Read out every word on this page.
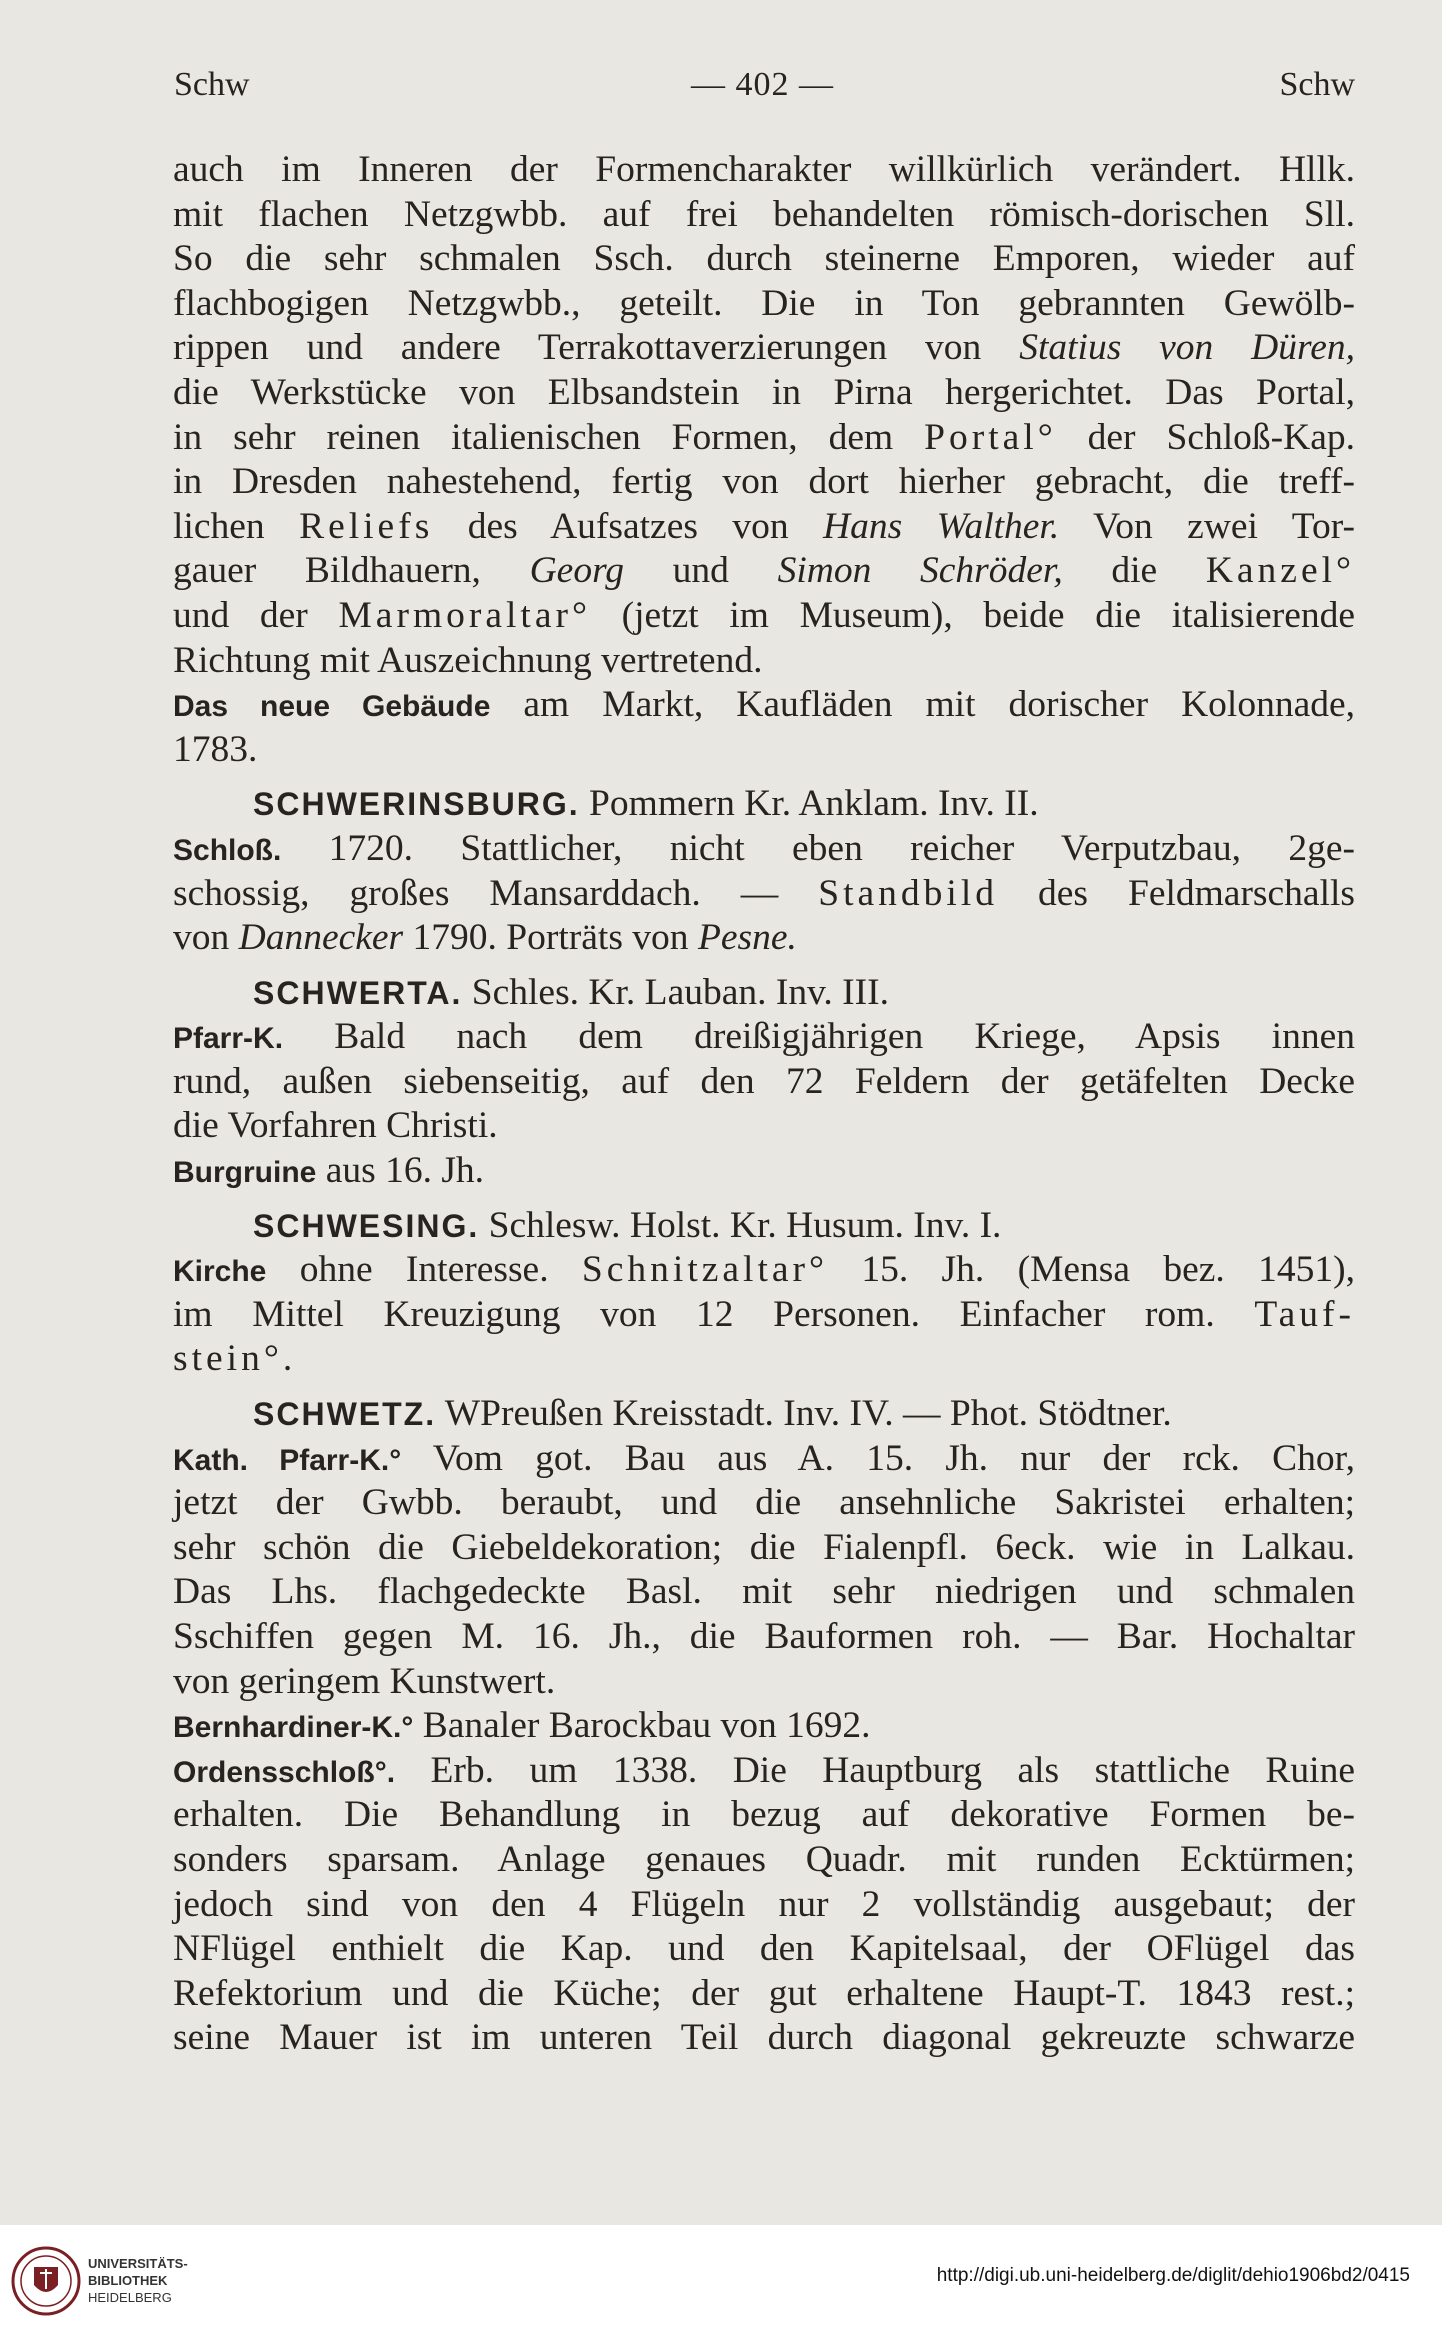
Schw	— 402 —	Schw
auch im Inneren der Formencharakter willkürlich verändert. Hllk.
mit flachen Netzgwbb. auf frei behandelten römisch-dorischen Sll.
So die sehr schmalen Ssch. durch steinerne Emporen, wieder auf
flachbogigen Netzgwbb., geteilt. Die in Ton gebrannten Gewölb-
rippen und andere Terrakottaverzierungen von Statius von Düren,
die Werkstücke von Elbsandstein in Pirna hergerichtet. Das Portal,
in sehr reinen italienischen Formen, dem Portal° der Schloß-Kap.
in Dresden nahestehend, fertig von dort hierher gebracht, die treff-
lichen Reliefs des Aufsatzes von Hans Walther. Von zwei Tor-
gauer Bildhauern, Georg und Simon Schröder, die Kanzel°
und der Marmoraltar° (jetzt im Museum), beide die italisierende
Richtung mit Auszeichnung vertretend.
Das neue Gebäude am Markt, Kaufläden mit dorischer Kolonnade,
1783.
SCHWERINSBURG. Pommern Kr. Anklam. Inv. II.
Schloß. 1720. Stattlicher, nicht eben reicher Verputzbau, 2ge-
schossig, großes Mansarddach. — Standbild des Feldmarschalls
von Dannecker 1790. Porträts von Pesne.
SCHWERTA. Schles. Kr. Lauban. Inv. III.
Pfarr-K. Bald nach dem dreißigjährigen Kriege, Apsis innen
rund, außen siebenseitig, auf den 72 Feldern der getäfelten Decke
die Vorfahren Christi.
Burgruine aus 16. Jh.
SCHWESING. Schlesw. Holst. Kr. Husum. Inv. I.
Kirche ohne Interesse. Schnitzaltar° 15. Jh. (Mensa bez. 1451),
im Mittel Kreuzigung von 12 Personen. Einfacher rom. Tauf-
stein°.
SCHWETZ. WPreußen Kreisstadt. Inv. IV. — Phot. Stödtner.
Kath. Pfarr-K.° Vom got. Bau aus A. 15. Jh. nur der rck. Chor,
jetzt der Gwbb. beraubt, und die ansehnliche Sakristei erhalten;
sehr schön die Giebeldekoration; die Fialenpfl. 6eck. wie in Lalkau.
Das Lhs. flachgedeckte Basl. mit sehr niedrigen und schmalen
Sschiffen gegen M. 16. Jh., die Bauformen roh. — Bar. Hochaltar
von geringem Kunstwert.
Bernhardiner-K.° Banaler Barockbau von 1692.
Ordensschloß°. Erb. um 1338. Die Hauptburg als stattliche Ruine
erhalten. Die Behandlung in bezug auf dekorative Formen be-
sonders sparsam. Anlage genaues Quadr. mit runden Ecktürmen;
jedoch sind von den 4 Flügeln nur 2 vollständig ausgebaut; der
NFlügel enthielt die Kap. und den Kapitelsaal, der OFlügel das
Refektorium und die Küche; der gut erhaltene Haupt-T. 1843 rest.;
seine Mauer ist im unteren Teil durch diagonal gekreuzte schwarze
UNIVERSITÄTS-
BIBLIOTHEK
HEIDELBERG
http://digi.ub.uni-heidelberg.de/diglit/dehio1906bd2/0415
